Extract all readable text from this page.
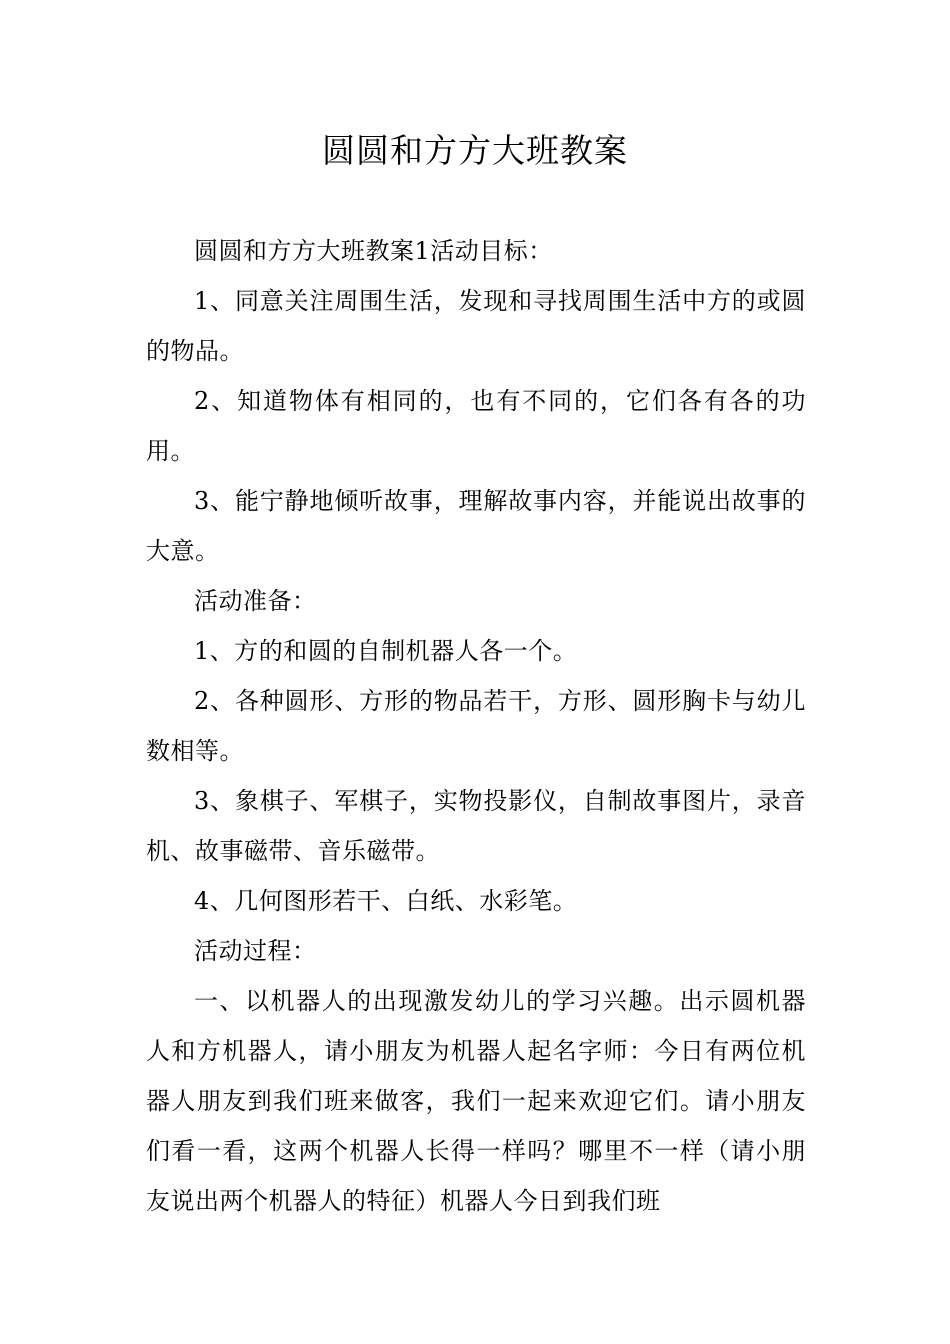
圆圆和方方大班教案

圆圆和方方大班教案1活动目标：

1、同意关注周围生活，发现和寻找周围生活中方的或圆的物品。

2、知道物体有相同的，也有不同的，它们各有各的功用。

3、能宁静地倾听故事，理解故事内容，并能说出故事的大意。

活动准备：

1、方的和圆的自制机器人各一个。

2、各种圆形、方形的物品若干，方形、圆形胸卡与幼儿数相等。

3、象棋子、军棋子，实物投影仪，自制故事图片，录音机、故事磁带、音乐磁带。

4、几何图形若干、白纸、水彩笔。

活动过程：

一、以机器人的出现激发幼儿的学习兴趣。出示圆机器人和方机器人，请小朋友为机器人起名字师：今日有两位机器人朋友到我们班来做客，我们一起来欢迎它们。请小朋友们看一看，这两个机器人长得一样吗？哪里不一样（请小朋友说出两个机器人的特征）机器人今日到我们班
